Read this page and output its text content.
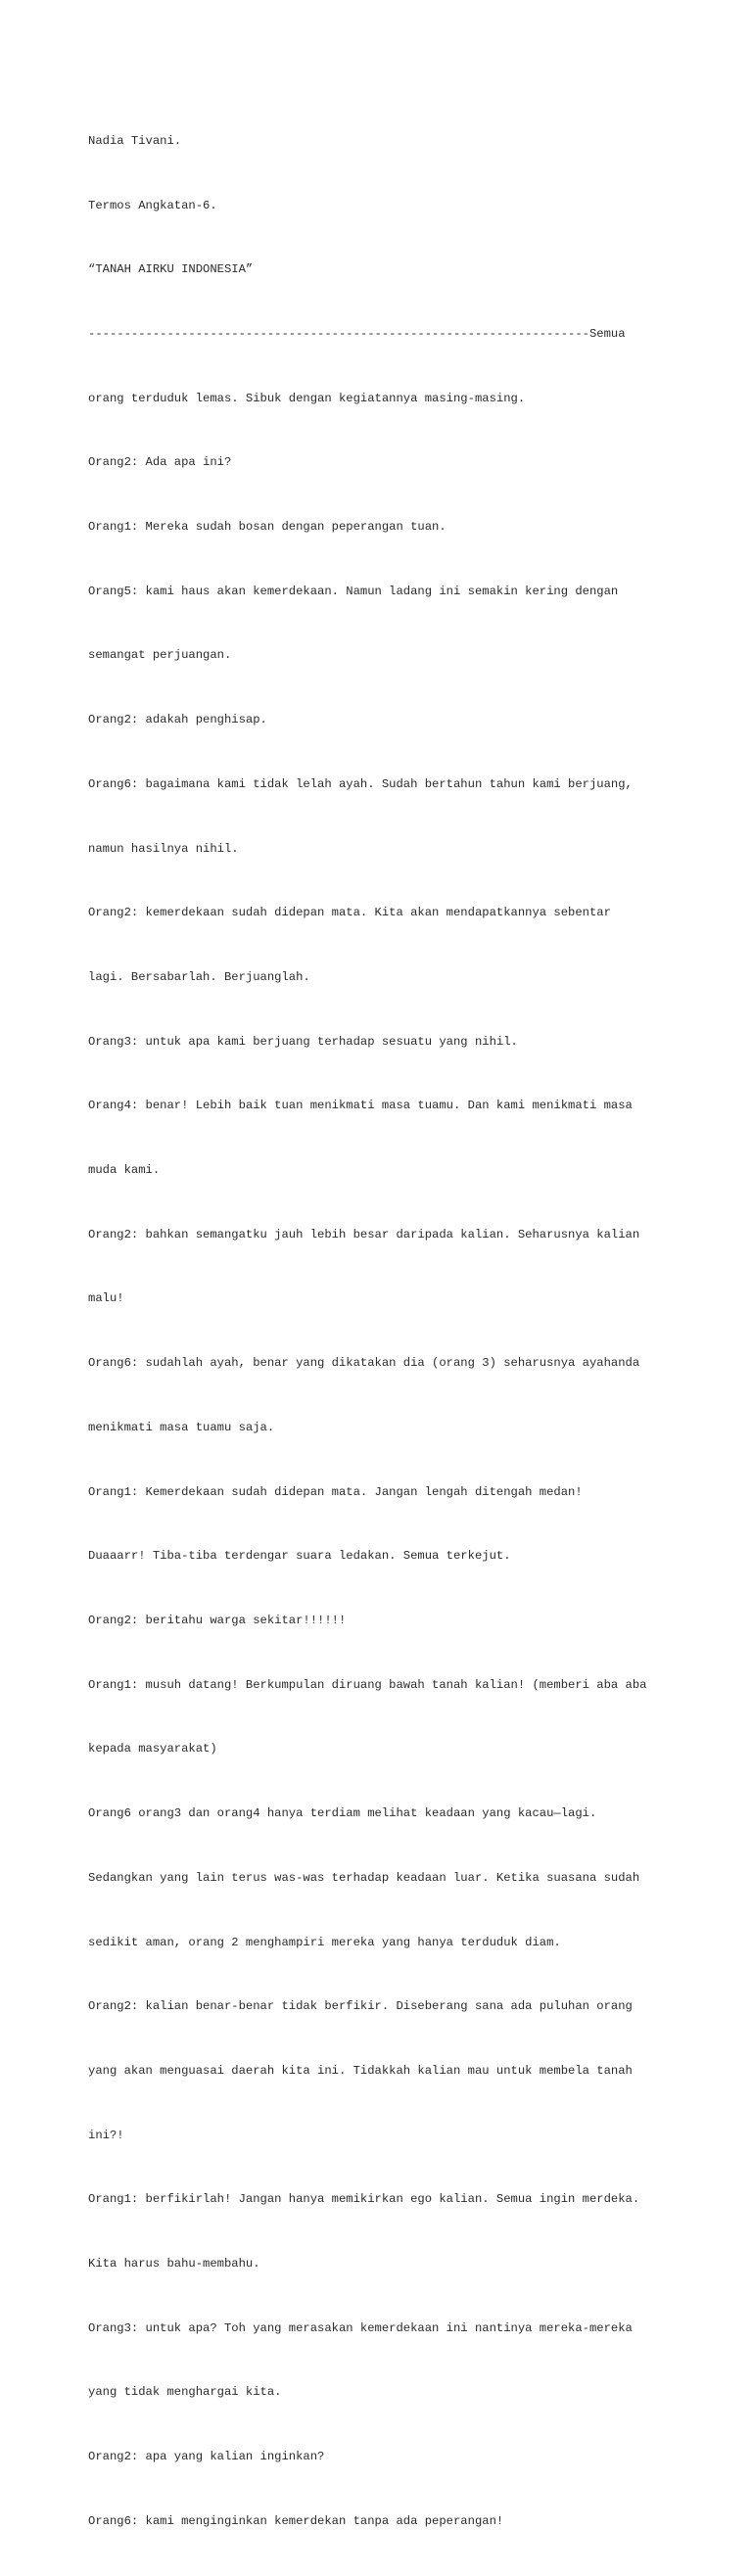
Nadia Tivani.

Termos Angkatan-6.

“TANAH AIRKU INDONESIA”

----------------------------------------------------------------------Semua

orang terduduk lemas. Sibuk dengan kegiatannya masing-masing.

Orang2: Ada apa ini?

Orang1: Mereka sudah bosan dengan peperangan tuan.

Orang5: kami haus akan kemerdekaan. Namun ladang ini semakin kering dengan

semangat perjuangan.

Orang2: adakah penghisap.

Orang6: bagaimana kami tidak lelah ayah. Sudah bertahun tahun kami berjuang,

namun hasilnya nihil.

Orang2: kemerdekaan sudah didepan mata. Kita akan mendapatkannya sebentar

lagi. Bersabarlah. Berjuanglah.

Orang3: untuk apa kami berjuang terhadap sesuatu yang nihil.

Orang4: benar! Lebih baik tuan menikmati masa tuamu. Dan kami menikmati masa

muda kami.

Orang2: bahkan semangatku jauh lebih besar daripada kalian. Seharusnya kalian

malu!

Orang6: sudahlah ayah, benar yang dikatakan dia (orang 3) seharusnya ayahanda

menikmati masa tuamu saja.

Orang1: Kemerdekaan sudah didepan mata. Jangan lengah ditengah medan!

Duaaarr! Tiba-tiba terdengar suara ledakan. Semua terkejut.

Orang2: beritahu warga sekitar!!!!!!

Orang1: musuh datang! Berkumpulan diruang bawah tanah kalian! (memberi aba aba

kepada masyarakat)

Orang6 orang3 dan orang4 hanya terdiam melihat keadaan yang kacau—lagi.

Sedangkan yang lain terus was-was terhadap keadaan luar. Ketika suasana sudah

sedikit aman, orang 2 menghampiri mereka yang hanya terduduk diam.

Orang2: kalian benar-benar tidak berfikir. Diseberang sana ada puluhan orang

yang akan menguasai daerah kita ini. Tidakkah kalian mau untuk membela tanah

ini?!

Orang1: berfikirlah! Jangan hanya memikirkan ego kalian. Semua ingin merdeka.

Kita harus bahu-membahu.

Orang3: untuk apa? Toh yang merasakan kemerdekaan ini nantinya mereka-mereka

yang tidak menghargai kita.

Orang2: apa yang kalian inginkan?

Orang6: kami menginginkan kemerdekan tanpa ada peperangan!
